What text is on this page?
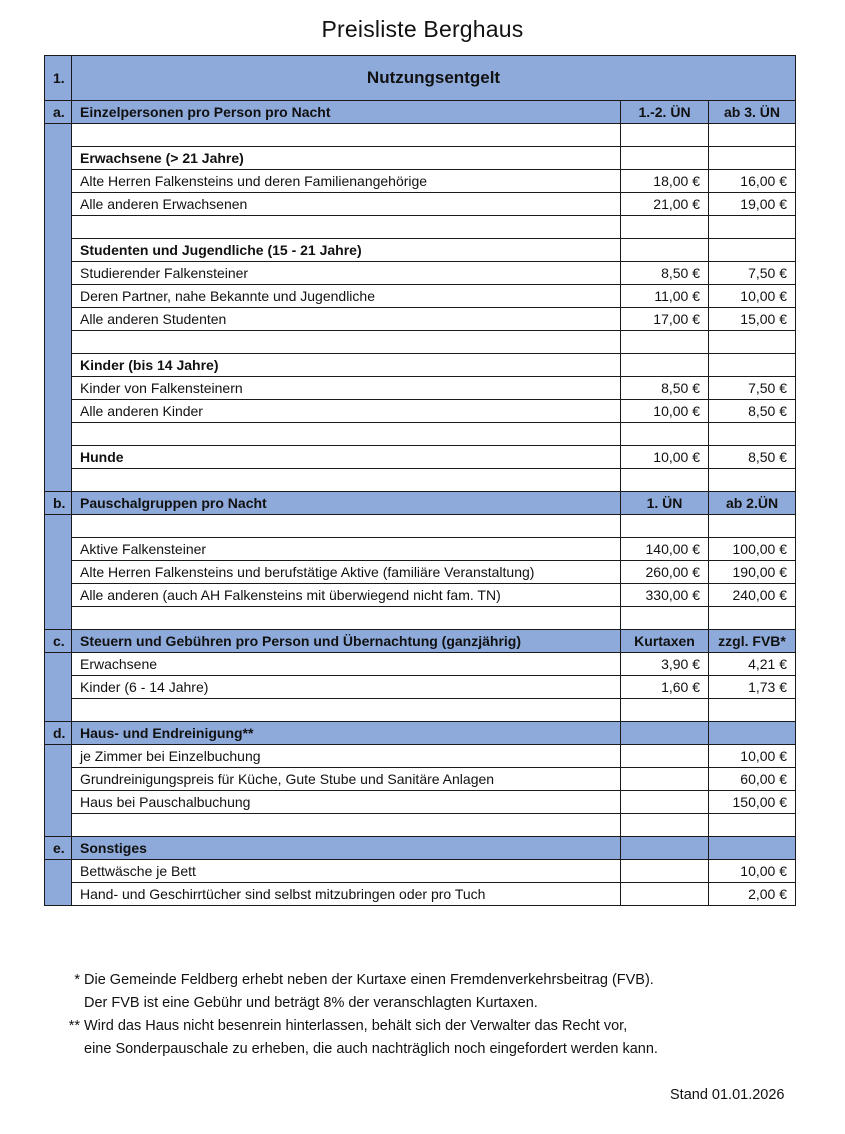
Preisliste Berghaus
1.	Nutzungsentgelt		
a.	Einzelpersonen pro Person pro Nacht	1.-2. ÜN	ab 3. ÜN

	Erwachsene (> 21 Jahre)		
	Alte Herren Falkensteins und deren Familienangehörige	18,00 €	16,00 €
	Alle anderen Erwachsenen	21,00 €	19,00 €

	Studenten und Jugendliche (15 - 21 Jahre)		
	Studierender Falkensteiner	8,50 €	7,50 €
	Deren Partner, nahe Bekannte und Jugendliche	11,00 €	10,00 €
	Alle anderen Studenten	17,00 €	15,00 €

	Kinder (bis 14 Jahre)		
	Kinder von Falkensteinern	8,50 €	7,50 €
	Alle anderen Kinder	10,00 €	8,50 €

	Hunde	10,00 €	8,50 €

b.	Pauschalgruppen pro Nacht	1. ÜN	ab 2.ÜN

	Aktive Falkensteiner	140,00 €	100,00 €
	Alte Herren Falkensteins und berufstätige Aktive (familiäre Veranstaltung)	260,00 €	190,00 €
	Alle anderen (auch AH Falkensteins mit überwiegend nicht fam. TN)	330,00 €	240,00 €

c.	Steuern und Gebühren pro Person und Übernachtung (ganzjährig)	Kurtaxen	zzgl. FVB*
	Erwachsene	3,90 €	4,21 €
	Kinder (6 - 14 Jahre)	1,60 €	1,73 €

d.	Haus- und Endreinigung**		
	je Zimmer bei Einzelbuchung		10,00 €
	Grundreinigungspreis für Küche, Gute Stube und Sanitäre Anlagen		60,00 €
	Haus bei Pauschalbuchung		150,00 €

e.	Sonstiges		
	Bettwäsche je Bett		10,00 €
	Hand- und Geschirrtücher sind selbst mitzubringen oder pro Tuch		2,00 €
* Die Gemeinde Feldberg erhebt neben der Kurtaxe einen Fremdenverkehrsbeitrag (FVB).
Der FVB ist eine Gebühr und beträgt 8% der veranschlagten Kurtaxen.
** Wird das Haus nicht besenrein hinterlassen, behält sich der Verwalter das Recht vor,
eine Sonderpauschale zu erheben, die auch nachträglich noch eingefordert werden kann.
Stand 01.01.2026
